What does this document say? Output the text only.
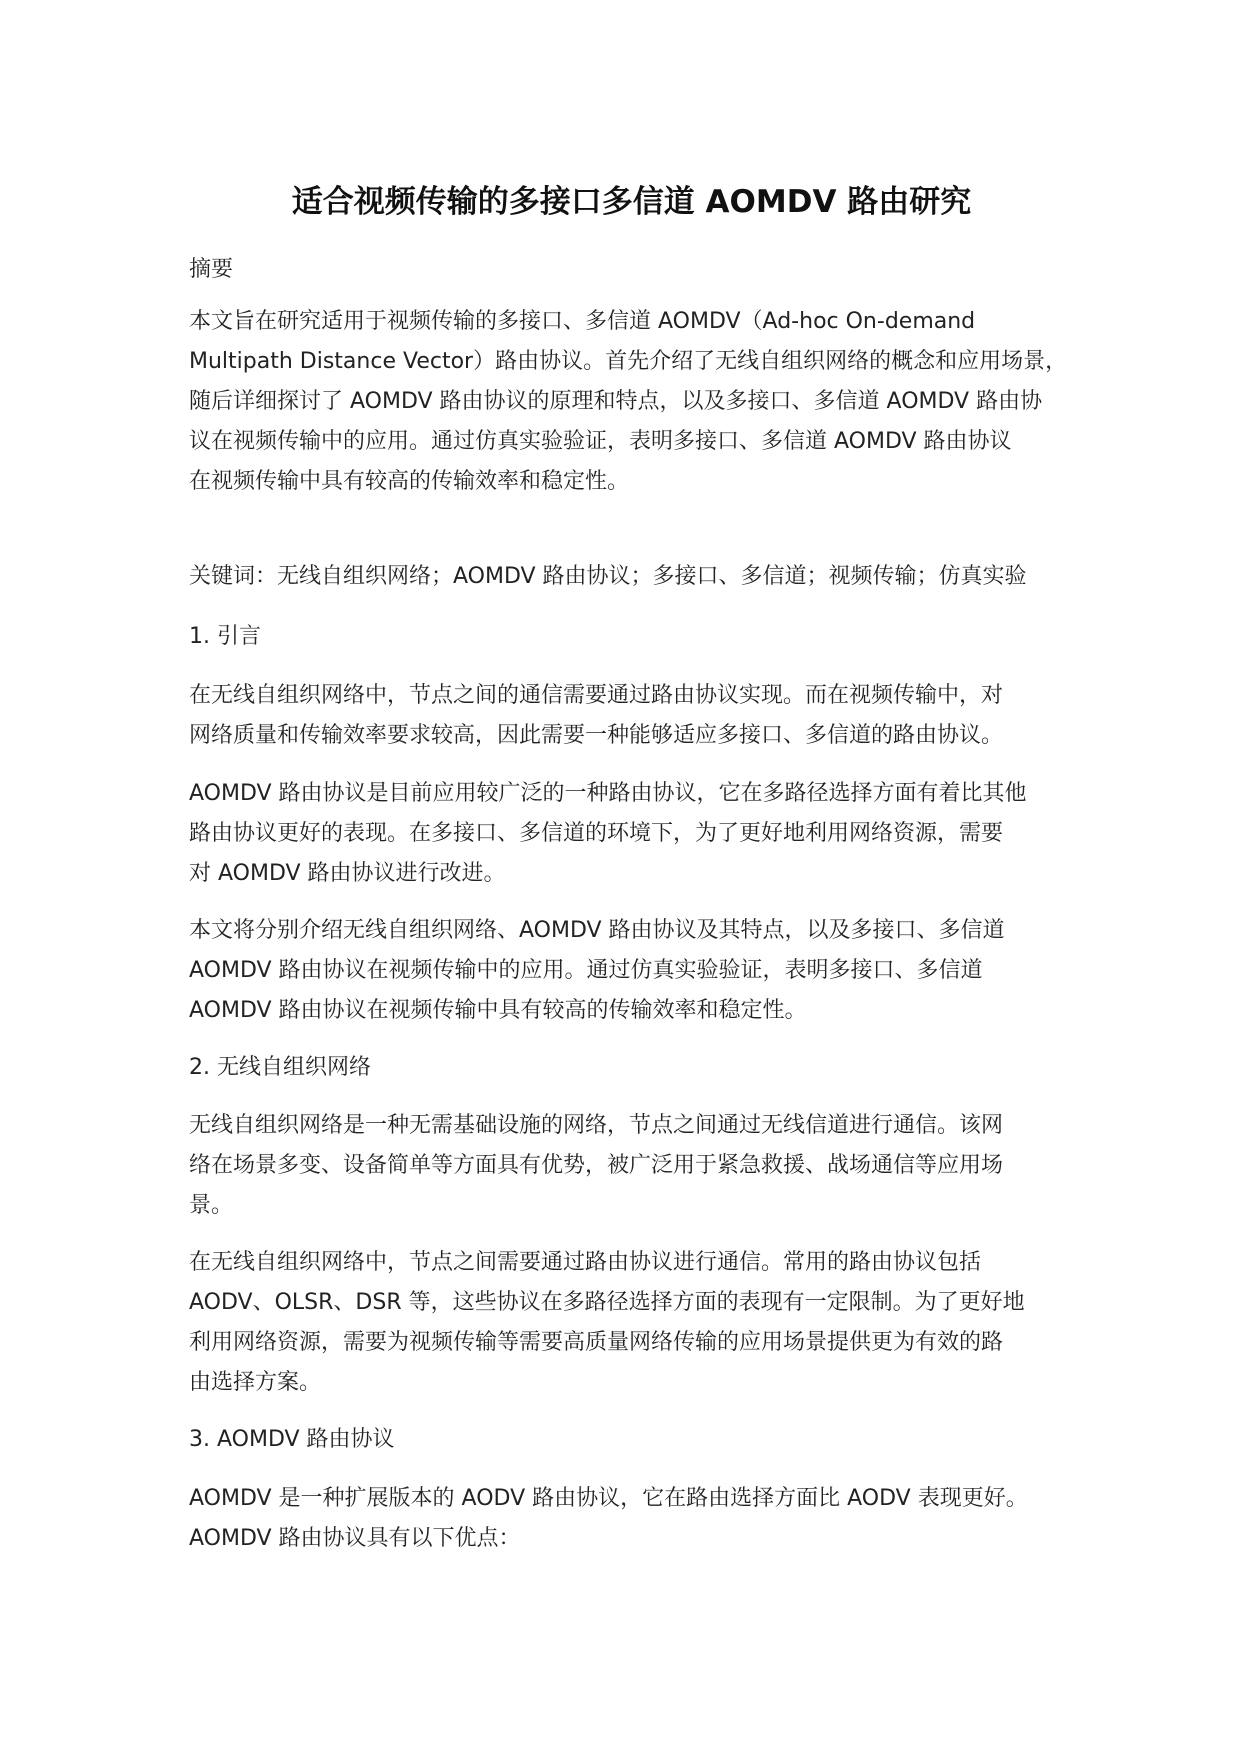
适合视频传输的多接口多信道 AOMDV 路由研究

摘要

本文旨在研究适用于视频传输的多接口、多信道 AOMDV（Ad-hoc On-demand

Multipath Distance Vector）路由协议。首先介绍了无线自组织网络的概念和应用场景，

随后详细探讨了 AOMDV 路由协议的原理和特点，以及多接口、多信道 AOMDV 路由协

议在视频传输中的应用。通过仿真实验验证，表明多接口、多信道 AOMDV 路由协议

在视频传输中具有较高的传输效率和稳定性。

关键词：无线自组织网络；AOMDV 路由协议；多接口、多信道；视频传输；仿真实验

1. 引言

在无线自组织网络中，节点之间的通信需要通过路由协议实现。而在视频传输中，对

网络质量和传输效率要求较高，因此需要一种能够适应多接口、多信道的路由协议。

AOMDV 路由协议是目前应用较广泛的一种路由协议，它在多路径选择方面有着比其他

路由协议更好的表现。在多接口、多信道的环境下，为了更好地利用网络资源，需要

对 AOMDV 路由协议进行改进。

本文将分别介绍无线自组织网络、AOMDV 路由协议及其特点，以及多接口、多信道

AOMDV 路由协议在视频传输中的应用。通过仿真实验验证，表明多接口、多信道

AOMDV 路由协议在视频传输中具有较高的传输效率和稳定性。

2. 无线自组织网络

无线自组织网络是一种无需基础设施的网络，节点之间通过无线信道进行通信。该网

络在场景多变、设备简单等方面具有优势，被广泛用于紧急救援、战场通信等应用场

景。

在无线自组织网络中，节点之间需要通过路由协议进行通信。常用的路由协议包括

AODV、OLSR、DSR 等，这些协议在多路径选择方面的表现有一定限制。为了更好地

利用网络资源，需要为视频传输等需要高质量网络传输的应用场景提供更为有效的路

由选择方案。

3. AOMDV 路由协议

AOMDV 是一种扩展版本的 AODV 路由协议，它在路由选择方面比 AODV 表现更好。

AOMDV 路由协议具有以下优点：
